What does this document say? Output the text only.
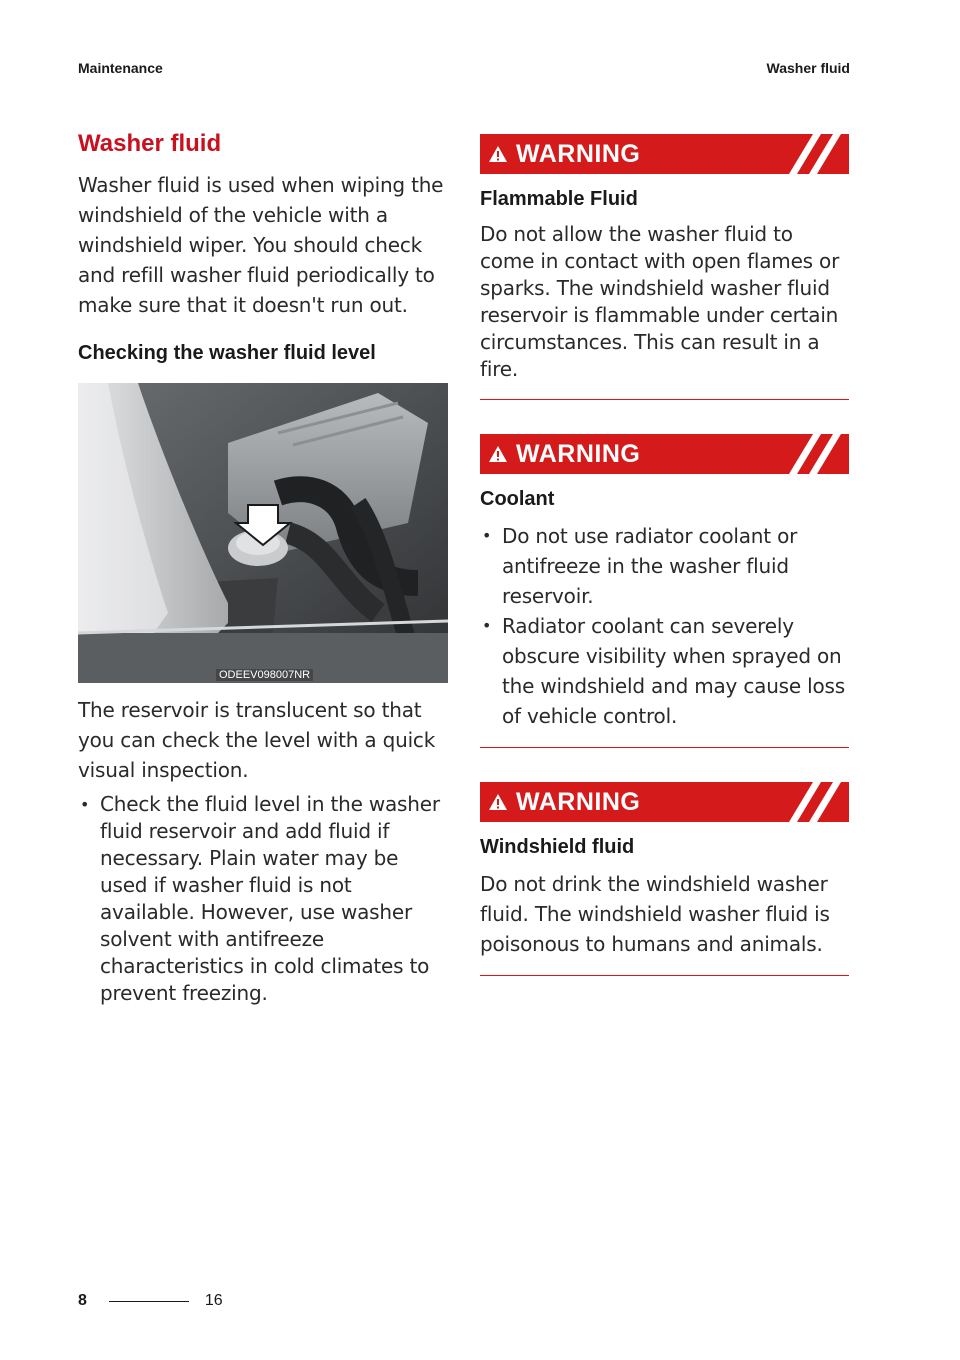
Maintenance	Washer fluid
Washer fluid

Washer fluid is used when wiping the windshield of the vehicle with a windshield wiper. You should check and refill washer fluid periodically to make sure that it doesn't run out.

Checking the washer fluid level
ODEEV098007NR

The reservoir is translucent so that you can check the level with a quick visual inspection.

• Check the fluid level in the washer fluid reservoir and add fluid if necessary. Plain water may be used if washer fluid is not available. However, use washer solvent with antifreeze characteristics in cold climates to prevent freezing.
WARNING
Flammable Fluid

Do not allow the washer fluid to come in contact with open flames or sparks. The windshield washer fluid reservoir is flammable under certain circumstances. This can result in a fire.

WARNING
Coolant
• Do not use radiator coolant or antifreeze in the washer fluid reservoir.
• Radiator coolant can severely obscure visibility when sprayed on the windshield and may cause loss of vehicle control.
WARNING
Windshield fluid

Do not drink the windshield washer fluid. The windshield washer fluid is poisonous to humans and animals.

8	16
